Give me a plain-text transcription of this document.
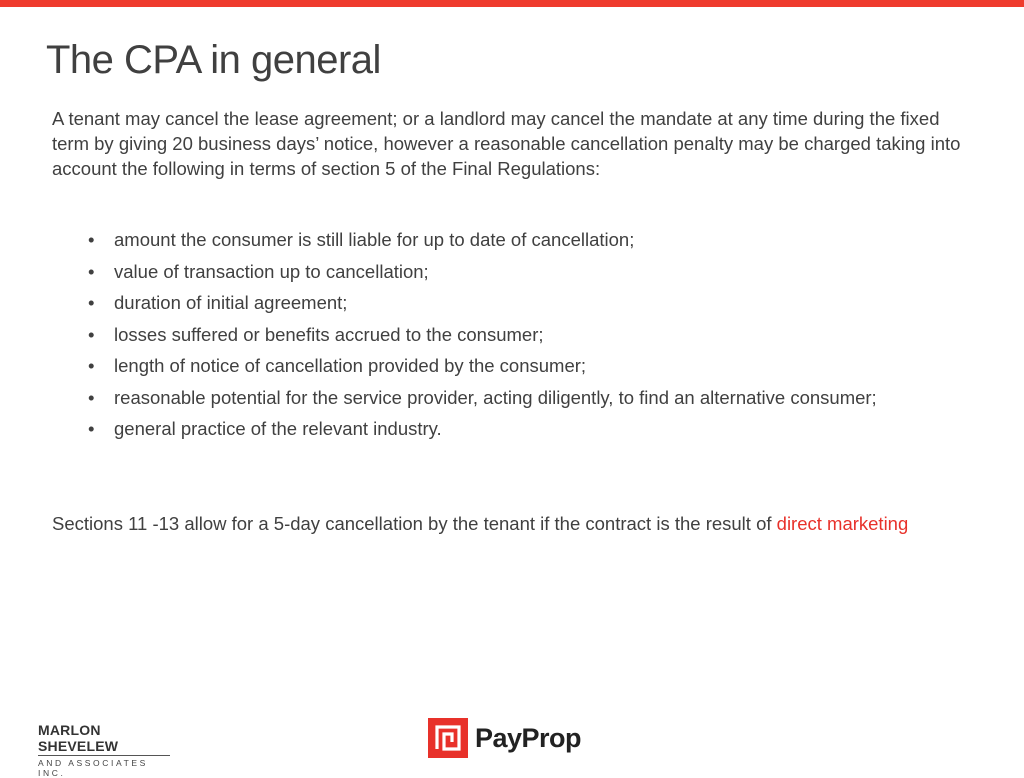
The CPA in general

A tenant may cancel the lease agreement; or a landlord may cancel the mandate at any time during the fixed term by giving 20 business days’ notice, however a reasonable cancellation penalty may be charged taking into account the following in terms of section 5 of the Final Regulations:

• amount the consumer is still liable for up to date of cancellation;
• value of transaction up to cancellation;
• duration of initial agreement;
• losses suffered or benefits accrued to the consumer;
• length of notice of cancellation provided by the consumer;
• reasonable potential for the service provider, acting diligently, to find an alternative consumer;
• general practice of the relevant industry.

Sections 11 -13 allow for a 5-day cancellation by the tenant if the contract is the result of direct marketing

MARLON SHEVELEW
AND ASSOCIATES INC.
PayProp
